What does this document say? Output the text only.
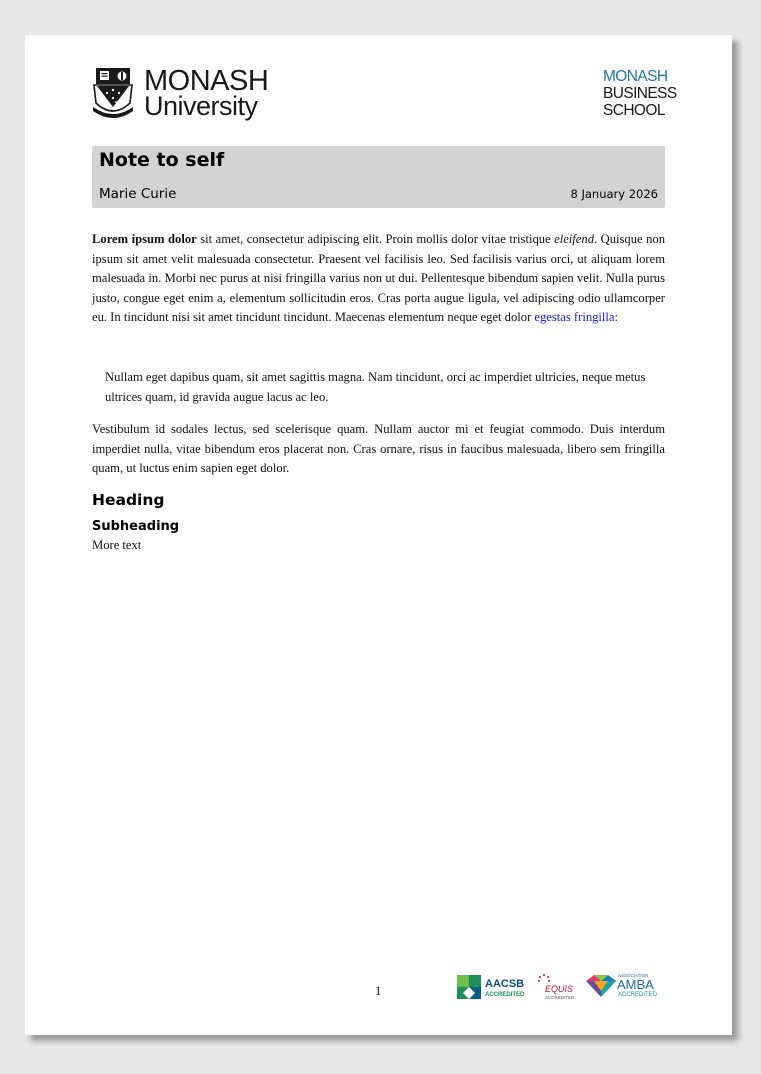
MONASH
University
MONASH
BUSINESS
SCHOOL
Note to self
Marie Curie	8 January 2026

Lorem ipsum dolor sit amet, consectetur adipiscing elit. Proin mollis dolor vitae tristique eleifend. Quisque non ipsum sit amet velit malesuada consectetur. Praesent vel facilisis leo. Sed facilisis varius orci, ut aliquam lorem malesuada in. Morbi nec purus at nisi fringilla varius non ut dui. Pellentesque bibendum sapien velit. Nulla purus justo, congue eget enim a, elementum sollicitudin eros. Cras porta augue ligula, vel adipiscing odio ullamcorper eu. In tincidunt nisi sit amet tincidunt tincidunt. Maecenas elementum neque eget dolor egestas fringilla:

Nullam eget dapibus quam, sit amet sagittis magna. Nam tincidunt, orci ac imperdiet ultricies, neque metus ultrices quam, id gravida augue lacus ac leo.

Vestibulum id sodales lectus, sed scelerisque quam. Nullam auctor mi et feugiat commodo. Duis interdum imperdiet nulla, vitae bibendum eros placerat non. Cras ornare, risus in faucibus malesuada, libero sem fringilla quam, ut luctus enim sapien eget dolor.

Heading
Subheading
More text
1	AACSB
ACCREDITED
EQUIS
ACCREDITED
ASSOCIATION
AMBA
ACCREDITED
